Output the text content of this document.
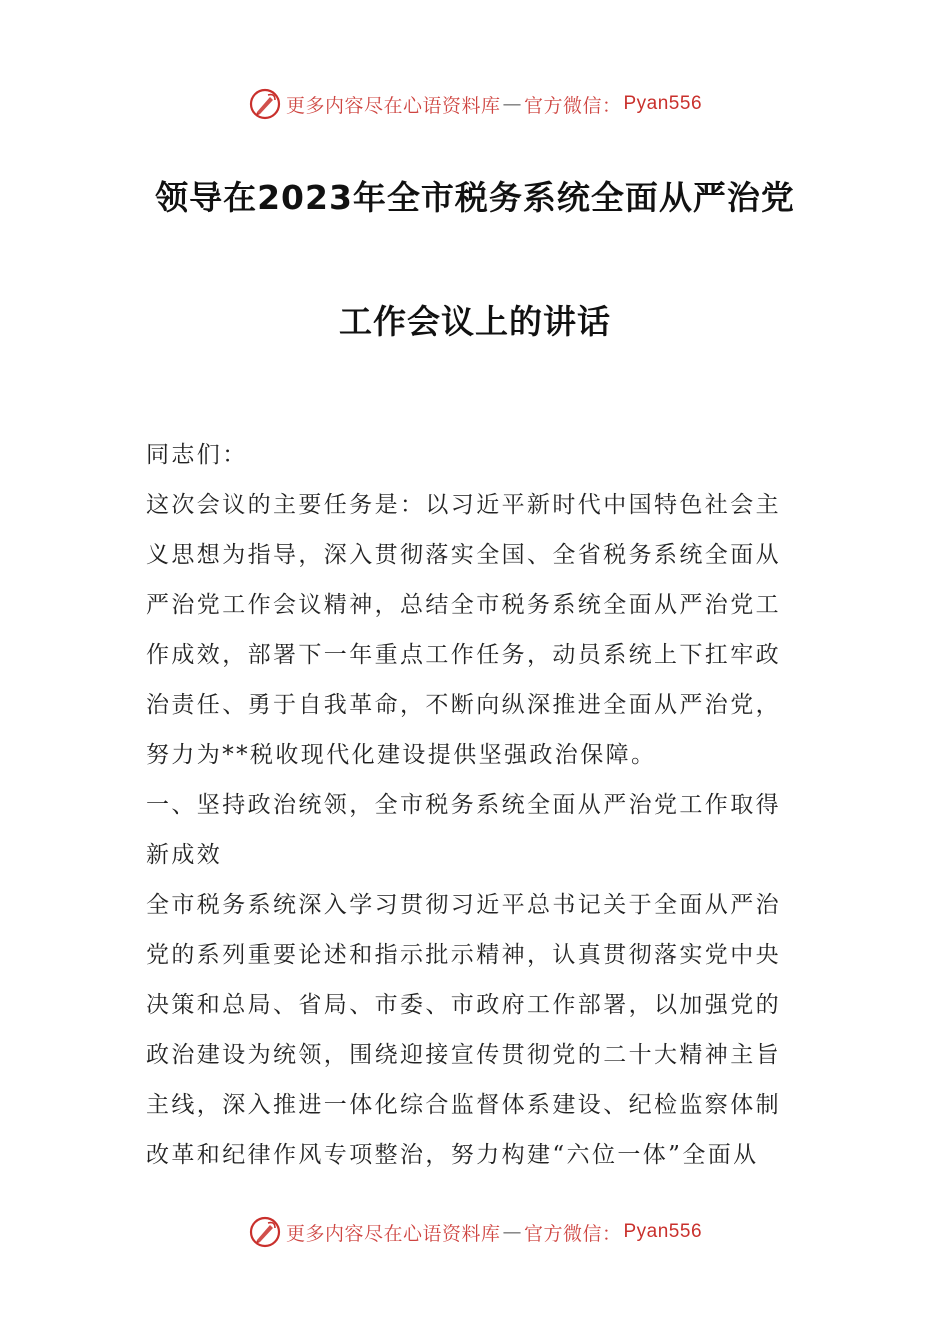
更多内容尽在心语资料库 — 官方微信： Pyan556
领导在2023年全市税务系统全面从严治党
工作会议上的讲话
同志们：
这次会议的主要任务是：以习近平新时代中国特色社会主
义思想为指导，深入贯彻落实全国、全省税务系统全面从
严治党工作会议精神，总结全市税务系统全面从严治党工
作成效，部署下一年重点工作任务，动员系统上下扛牢政
治责任、勇于自我革命，不断向纵深推进全面从严治党，
努力为**税收现代化建设提供坚强政治保障。
一、坚持政治统领，全市税务系统全面从严治党工作取得
新成效
全市税务系统深入学习贯彻习近平总书记关于全面从严治
党的系列重要论述和指示批示精神，认真贯彻落实党中央
决策和总局、省局、市委、市政府工作部署，以加强党的
政治建设为统领，围绕迎接宣传贯彻党的二十大精神主旨
主线，深入推进一体化综合监督体系建设、纪检监察体制
改革和纪律作风专项整治，努力构建“六位一体”全面从
更多内容尽在心语资料库 — 官方微信： Pyan556
